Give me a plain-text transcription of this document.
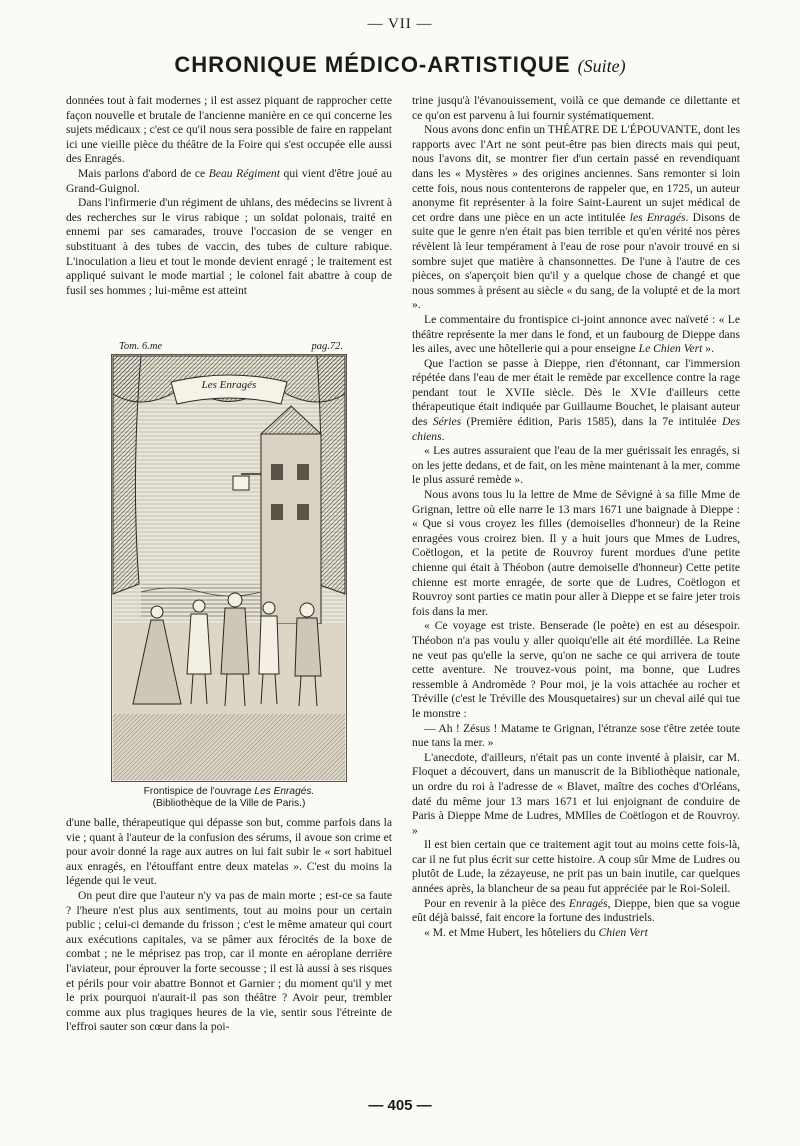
— VII —
CHRONIQUE MÉDICO-ARTISTIQUE (Suite)

données tout à fait modernes ; il est assez piquant de rapprocher cette façon nouvelle et brutale de l'ancienne manière en ce qui concerne les sujets médicaux ; c'est ce qu'il nous sera possible de faire en rappelant ici une vieille pièce du théâtre de la Foire qui s'est occupée elle aussi des Enragés.

Mais parlons d'abord de ce Beau Régiment qui vient d'être joué au Grand-Guignol.

Dans l'infirmerie d'un régiment de uhlans, des médecins se livrent à des recherches sur le virus rabique ; un soldat polonais, traité en ennemi par ses camarades, trouve l'occasion de se venger en substituant à des tubes de vaccin, des tubes de culture rabique. L'inoculation a lieu et tout le monde devient enragé ; le traitement est appliqué suivant le mode martial ; le colonel fait abattre à coup de fusil ses hommes ; lui-même est atteint

Tom. 6.me	pag.72.
Les Enragés
Frontispice de l'ouvrage Les Enragés.
(Bibliothèque de la Ville de Paris.)

d'une balle, thérapeutique qui dépasse son but, comme parfois dans la vie ; quant à l'auteur de la confusion des sérums, il avoue son crime et pour avoir donné la rage aux autres on lui fait subir le « sort habituel aux enragés, en l'étouffant entre deux matelas ». C'est du moins la légende qui le veut.

On peut dire que l'auteur n'y va pas de main morte ; est-ce sa faute ? l'heure n'est plus aux sentiments, tout au moins pour un certain public ; celui-ci demande du frisson ; c'est le même amateur qui court aux exécutions capitales, va se pâmer aux férocités de la boxe de combat ; ne le méprisez pas trop, car il monte en aéroplane derrière l'aviateur, pour éprouver la forte secousse ; il est là aussi à ses risques et périls pour voir abattre Bonnot et Garnier ; du moment qu'il y met le prix pourquoi n'aurait-il pas son théâtre ? Avoir peur, trembler comme aux plus tragiques heures de la vie, sentir sous l'étreinte de l'effroi sauter son cœur dans la poi-

trine jusqu'à l'évanouissement, voilà ce que demande ce dilettante et ce qu'on est parvenu à lui fournir systématiquement.

Nous avons donc enfin un THÉATRE DE L'ÉPOUVANTE, dont les rapports avec l'Art ne sont peut-être pas bien directs mais qui peut, nous l'avons dit, se montrer fier d'un certain passé en revendiquant dans les « Mystères » des origines anciennes. Sans remonter si loin cette fois, nous nous contenterons de rappeler que, en 1725, un auteur anonyme fit représenter à la foire Saint-Laurent un sujet médical de cet ordre dans une pièce en un acte intitulée les Enragés. Disons de suite que le genre n'en était pas bien terrible et qu'en vérité nos pères révèlent là leur tempérament à l'eau de rose pour n'avoir trouvé en si sombre sujet que matière à chansonnettes. De l'une à l'autre de ces pièces, on s'aperçoit bien qu'il y a quelque chose de changé et que nous sommes à présent au siècle « du sang, de la volupté et de la mort ».

Le commentaire du frontispice ci-joint annonce avec naïveté : « Le théâtre représente la mer dans le fond, et un faubourg de Dieppe dans les ailes, avec une hôtellerie qui a pour enseigne Le Chien Vert ».

Que l'action se passe à Dieppe, rien d'étonnant, car l'immersion répétée dans l'eau de mer était le remède par excellence contre la rage pendant tout le XVIIe siècle. Dès le XVIe d'ailleurs cette thérapeutique était indiquée par Guillaume Bouchet, le plaisant auteur des Séries (Première édition, Paris 1585), dans la 7e intitulée Des chiens.

« Les autres assuraient que l'eau de la mer guérissait les enragés, si on les jette dedans, et de fait, on les mène maintenant à la mer, comme le plus assuré remède ».

Nous avons tous lu la lettre de Mme de Sévigné à sa fille Mme de Grignan, lettre où elle narre le 13 mars 1671 une baignade à Dieppe : « Que si vous croyez les filles (demoiselles d'honneur) de la Reine enragées vous croirez bien. Il y a huit jours que Mmes de Ludres, Coëtlogon, et la petite de Rouvroy furent mordues d'une petite chienne qui était à Théobon (autre demoiselle d'honneur) Cette petite chienne est morte enragée, de sorte que de Ludres, Coëtlogon et Rouvroy sont parties ce matin pour aller à Dieppe et se faire jeter trois fois dans la mer.

« Ce voyage est triste. Benserade (le poète) en est au désespoir. Théobon n'a pas voulu y aller quoiqu'elle ait été mordillée. La Reine ne veut pas qu'elle la serve, qu'on ne sache ce qui arrivera de toute cette aventure. Ne trouvez-vous point, ma bonne, que Ludres ressemble à Andromède ? Pour moi, je la vois attachée au rocher et Tréville (c'est le Tréville des Mousquetaires) sur un cheval ailé qui tue le monstre :

— Ah ! Zésus ! Matame te Grignan, l'étranze sose t'être zetée toute nue tans la mer. »

L'anecdote, d'ailleurs, n'était pas un conte inventé à plaisir, car M. Floquet a découvert, dans un manuscrit de la Bibliothèque nationale, un ordre du roi à l'adresse de « Blavet, maître des coches d'Orléans, daté du même jour 13 mars 1671 et lui enjoignant de conduire de Paris à Dieppe Mme de Ludres, MMlles de Coëtlogon et de Rouvroy. »

Il est bien certain que ce traitement agit tout au moins cette fois-là, car il ne fut plus écrit sur cette histoire. A coup sûr Mme de Ludres ou plutôt de Lude, la zézayeuse, ne prit pas un bain inutile, car quelques années après, la blancheur de sa peau fut appréciée par le Roi-Soleil.

Pour en revenir à la pièce des Enragés, Dieppe, bien que sa vogue eût déjà baissé, fait encore la fortune des industriels.

« M. et Mme Hubert, les hôteliers du Chien Vert

— 405 —
